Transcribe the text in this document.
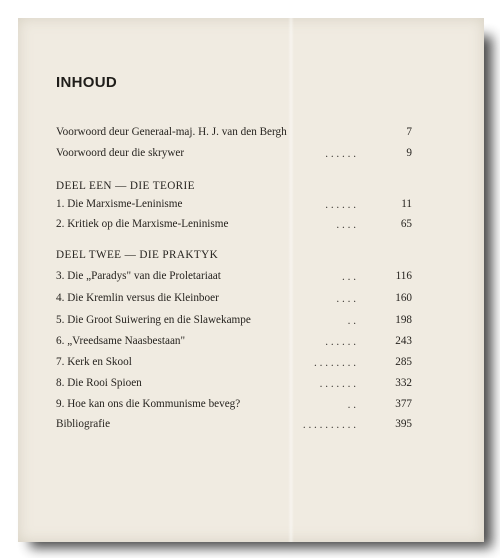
INHOUD
Voorwoord deur Generaal-maj. H. J. van den Bergh	7
Voorwoord deur die skrywer	. . . . . .	9
DEEL EEN — DIE TEORIE
1. Die Marxisme-Leninisme	. . . . . .	11
2. Kritiek op die Marxisme-Leninisme	. . . .	65
DEEL TWEE — DIE PRAKTYK
3. Die „Paradys" van die Proletariaat	. . .	116
4. Die Kremlin versus die Kleinboer	. . . .	160
5. Die Groot Suiwering en die Slawekampe	. .	198
6. „Vreedsame Naasbestaan"	. . . . . .	243
7. Kerk en Skool	. . . . . . . .	285
8. Die Rooi Spioen	. . . . . . .	332
9. Hoe kan ons die Kommunisme beveg?	. .	377
Bibliografie	. . . . . . . . . .	395
